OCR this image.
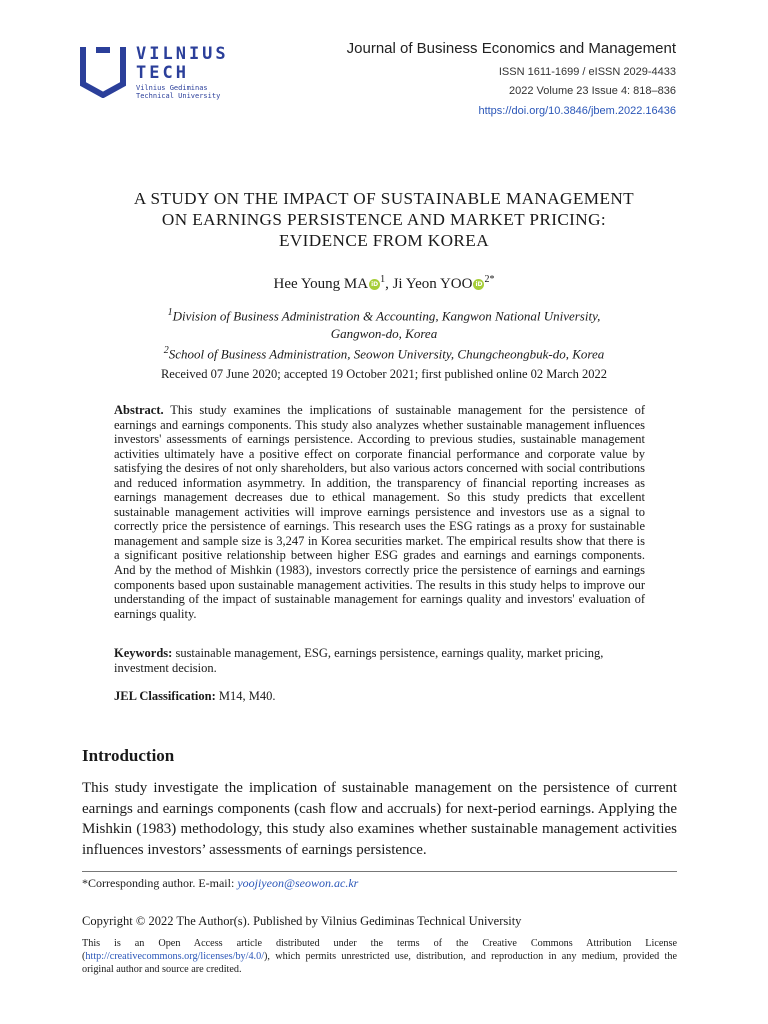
VILNIUS
TECH
Vilnius Gediminas
Technical University
Journal of Business Economics and Management
ISSN 1611-1699 / eISSN 2029-4433
2022 Volume 23 Issue 4: 818–836
https://doi.org/10.3846/jbem.2022.16436
A STUDY ON THE IMPACT OF SUSTAINABLE MANAGEMENT
ON EARNINGS PERSISTENCE AND MARKET PRICING:
EVIDENCE FROM KOREA
Hee Young MA iD $^1$, Ji Yeon YOO iD $^{2*}$
$^1$Division of Business Administration & Accounting, Kangwon National University,
Gangwon-do, Korea
$^2$School of Business Administration, Seowon University, Chungcheongbuk-do, Korea
Received 07 June 2020; accepted 19 October 2021; first published online 02 March 2022
Abstract. This study examines the implications of sustainable management for the persistence of earnings and earnings components. This study also analyzes whether sustainable management influences investors' assessments of earnings persistence. According to previous studies, sustainable management activities ultimately have a positive effect on corporate financial performance and corporate value by satisfying the desires of not only shareholders, but also various actors concerned with social contributions and reduced information asymmetry. In addition, the transparency of financial reporting increases as earnings management decreases due to ethical management. So this study predicts that excellent sustainable management activities will improve earnings persistence and investors use as a signal to correctly price the persistence of earnings. This research uses the ESG ratings as a proxy for sustainable management and sample size is 3,247 in Korea securities market. The empirical results show that there is a significant positive relationship between higher ESG grades and earnings and earnings components. And by the method of Mishkin (1983), investors correctly price the persistence of earnings and earnings components based upon sustainable management activities. The results in this study helps to improve our understanding of the impact of sustainable management for earnings quality and investors' evaluation of earnings quality.
Keywords: sustainable management, ESG, earnings persistence, earnings quality, market pricing, investment decision.
JEL Classification: M14, M40.
Introduction
This study investigate the implication of sustainable management on the persistence of current earnings and earnings components (cash flow and accruals) for next-period earnings. Applying the Mishkin (1983) methodology, this study also examines whether sustainable management activities influences investors’ assessments of earnings persistence.
*Corresponding author. E-mail: yoojiyeon@seowon.ac.kr
Copyright © 2022 The Author(s). Published by Vilnius Gediminas Technical University
This is an Open Access article distributed under the terms of the Creative Commons Attribution License (http://creativecommons.org/licenses/by/4.0/), which permits unrestricted use, distribution, and reproduction in any medium, provided the original author and source are credited.
